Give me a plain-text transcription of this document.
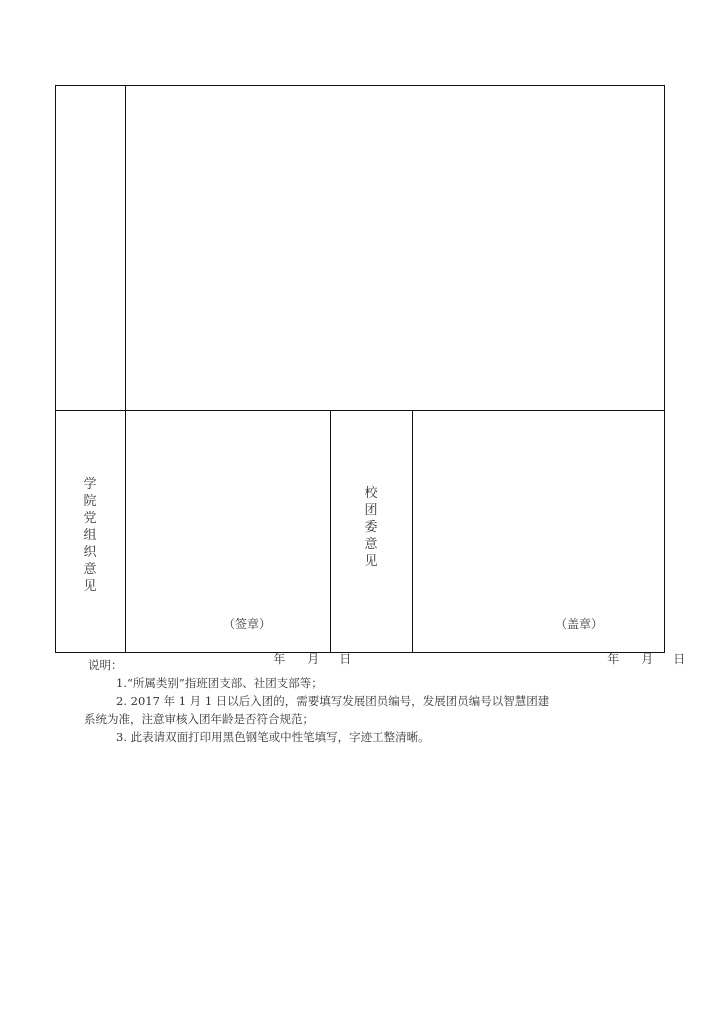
学
院
党
组
织
意
见
（签章）

年 月 日

校
团
委
意
见
（盖章）

年 月 日

说明：
1.“所属类别”指班团支部、社团支部等；
2. 2017 年 1 月 1 日以后入团的，需要填写发展团员编号，发展团员编号以智慧团建
系统为准，注意审核入团年龄是否符合规范；
3. 此表请双面打印用黑色钢笔或中性笔填写，字迹工整清晰。
